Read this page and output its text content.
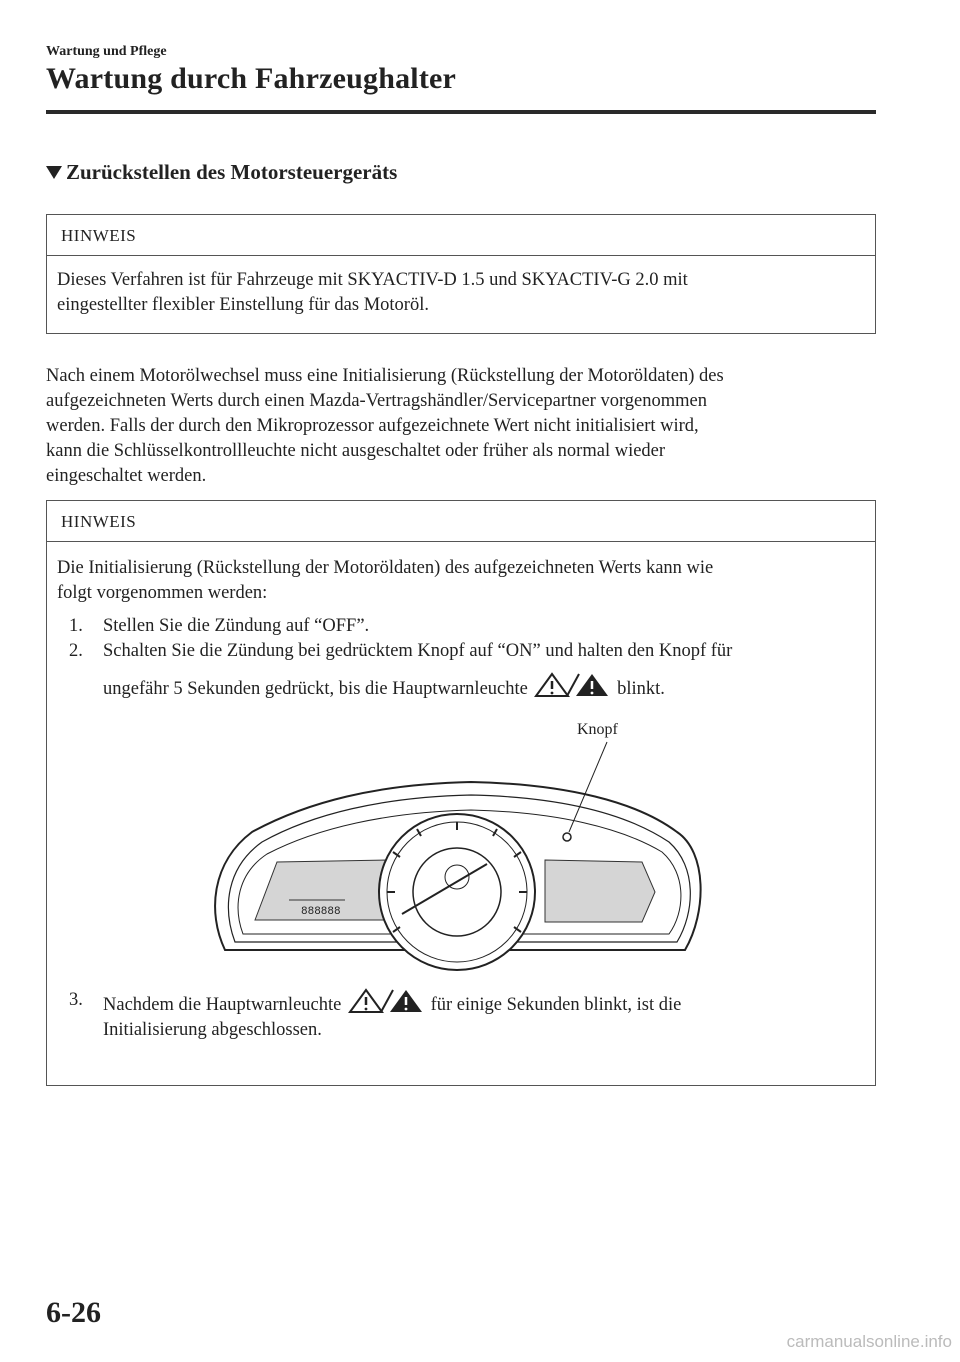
Wartung und Pflege
Wartung durch Fahrzeughalter
Zurückstellen des Motorsteuergeräts
HINWEIS
Dieses Verfahren ist für Fahrzeuge mit SKYACTIV-D 1.5 und SKYACTIV-G 2.0 mit
eingestellter flexibler Einstellung für das Motoröl.
Nach einem Motorölwechsel muss eine Initialisierung (Rückstellung der Motoröldaten) des
aufgezeichneten Werts durch einen Mazda-Vertragshändler/Servicepartner vorgenommen
werden. Falls der durch den Mikroprozessor aufgezeichnete Wert nicht initialisiert wird,
kann die Schlüsselkontrollleuchte nicht ausgeschaltet oder früher als normal wieder
eingeschaltet werden.
HINWEIS
Die Initialisierung (Rückstellung der Motoröldaten) des aufgezeichneten Werts kann wie
folgt vorgenommen werden:
1. Stellen Sie die Zündung auf “OFF”.
2. Schalten Sie die Zündung bei gedrücktem Knopf auf “ON” und halten den Knopf für
ungefähr 5 Sekunden gedrückt, bis die Hauptwarnleuchte	blinkt.
888888
Knopf
3. Nachdem die Hauptwarnleuchte	für einige Sekunden blinkt, ist die
Initialisierung abgeschlossen.
6-26
carmanualsonline.info
